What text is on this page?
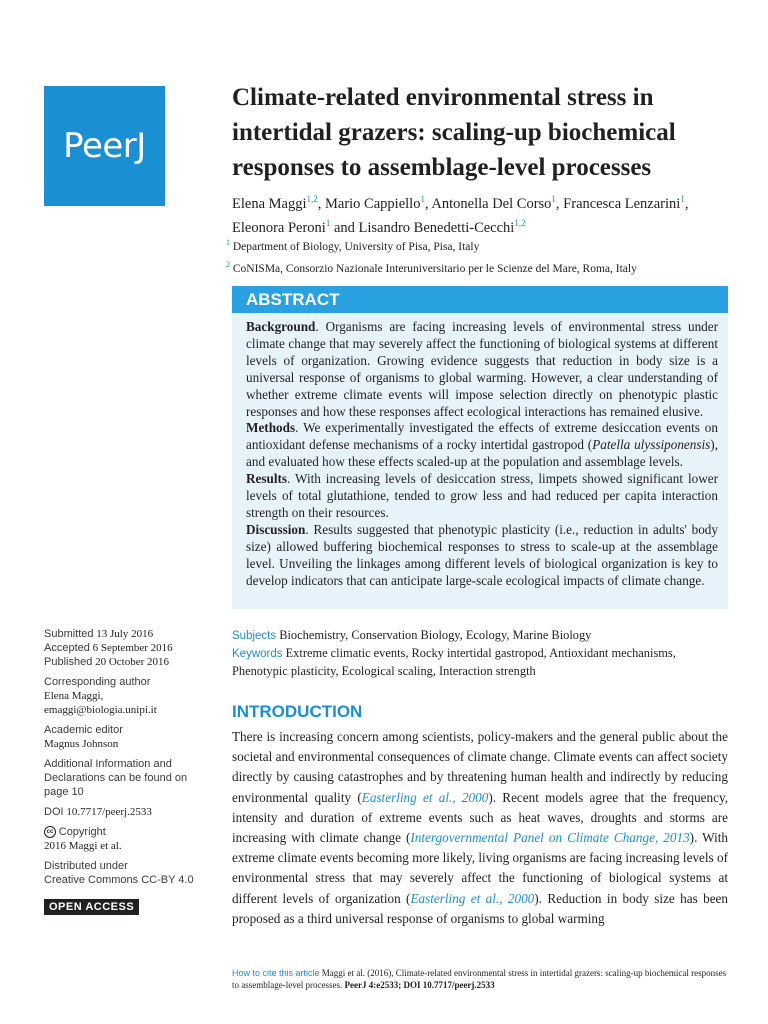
PeerJ
Climate-related environmental stress in intertidal grazers: scaling-up biochemical responses to assemblage-level processes
Elena Maggi$^{1,2}$, Mario Cappiello$^1$, Antonella Del Corso$^1$, Francesca Lenzarini$^1$, Eleonora Peroni$^1$ and Lisandro Benedetti-Cecchi$^{1,2}$
$^1$ Department of Biology, University of Pisa, Pisa, Italy
$^2$ CoNISMa, Consorzio Nazionale Interuniversitario per le Scienze del Mare, Roma, Italy
ABSTRACT

Background. Organisms are facing increasing levels of environmental stress under climate change that may severely affect the functioning of biological systems at different levels of organization. Growing evidence suggests that reduction in body size is a universal response of organisms to global warming. However, a clear understanding of whether extreme climate events will impose selection directly on phenotypic plastic responses and how these responses affect ecological interactions has remained elusive.

Methods. We experimentally investigated the effects of extreme desiccation events on antioxidant defense mechanisms of a rocky intertidal gastropod (Patella ulyssiponensis), and evaluated how these effects scaled-up at the population and assemblage levels.

Results. With increasing levels of desiccation stress, limpets showed significant lower levels of total glutathione, tended to grow less and had reduced per capita interaction strength on their resources.

Discussion. Results suggested that phenotypic plasticity (i.e., reduction in adults' body size) allowed buffering biochemical responses to stress to scale-up at the assemblage level. Unveiling the linkages among different levels of biological organization is key to develop indicators that can anticipate large-scale ecological impacts of climate change.

Submitted 13 July 2016
Accepted 6 September 2016
Published 20 October 2016
Corresponding author
Elena Maggi,
emaggi@biologia.unipi.it
Academic editor
Magnus Johnson
Additional Information and Declarations can be found on page 10
DOI 10.7717/peerj.2533
cc Copyright
2016 Maggi et al.
Distributed under
Creative Commons CC-BY 4.0
OPEN ACCESS
Subjects Biochemistry, Conservation Biology, Ecology, Marine Biology
Keywords Extreme climatic events, Rocky intertidal gastropod, Antioxidant mechanisms, Phenotypic plasticity, Ecological scaling, Interaction strength
INTRODUCTION

There is increasing concern among scientists, policy-makers and the general public about the societal and environmental consequences of climate change. Climate events can affect society directly by causing catastrophes and by threatening human health and indirectly by reducing environmental quality (Easterling et al., 2000). Recent models agree that the frequency, intensity and duration of extreme events such as heat waves, droughts and storms are increasing with climate change (Intergovernmental Panel on Climate Change, 2013). With extreme climate events becoming more likely, living organisms are facing increasing levels of environmental stress that may severely affect the functioning of biological systems at different levels of organization (Easterling et al., 2000). Reduction in body size has been proposed as a third universal response of organisms to global warming

How to cite this article Maggi et al. (2016), Climate-related environmental stress in intertidal grazers: scaling-up biochemical responses to assemblage-level processes. PeerJ 4:e2533; DOI 10.7717/peerj.2533
